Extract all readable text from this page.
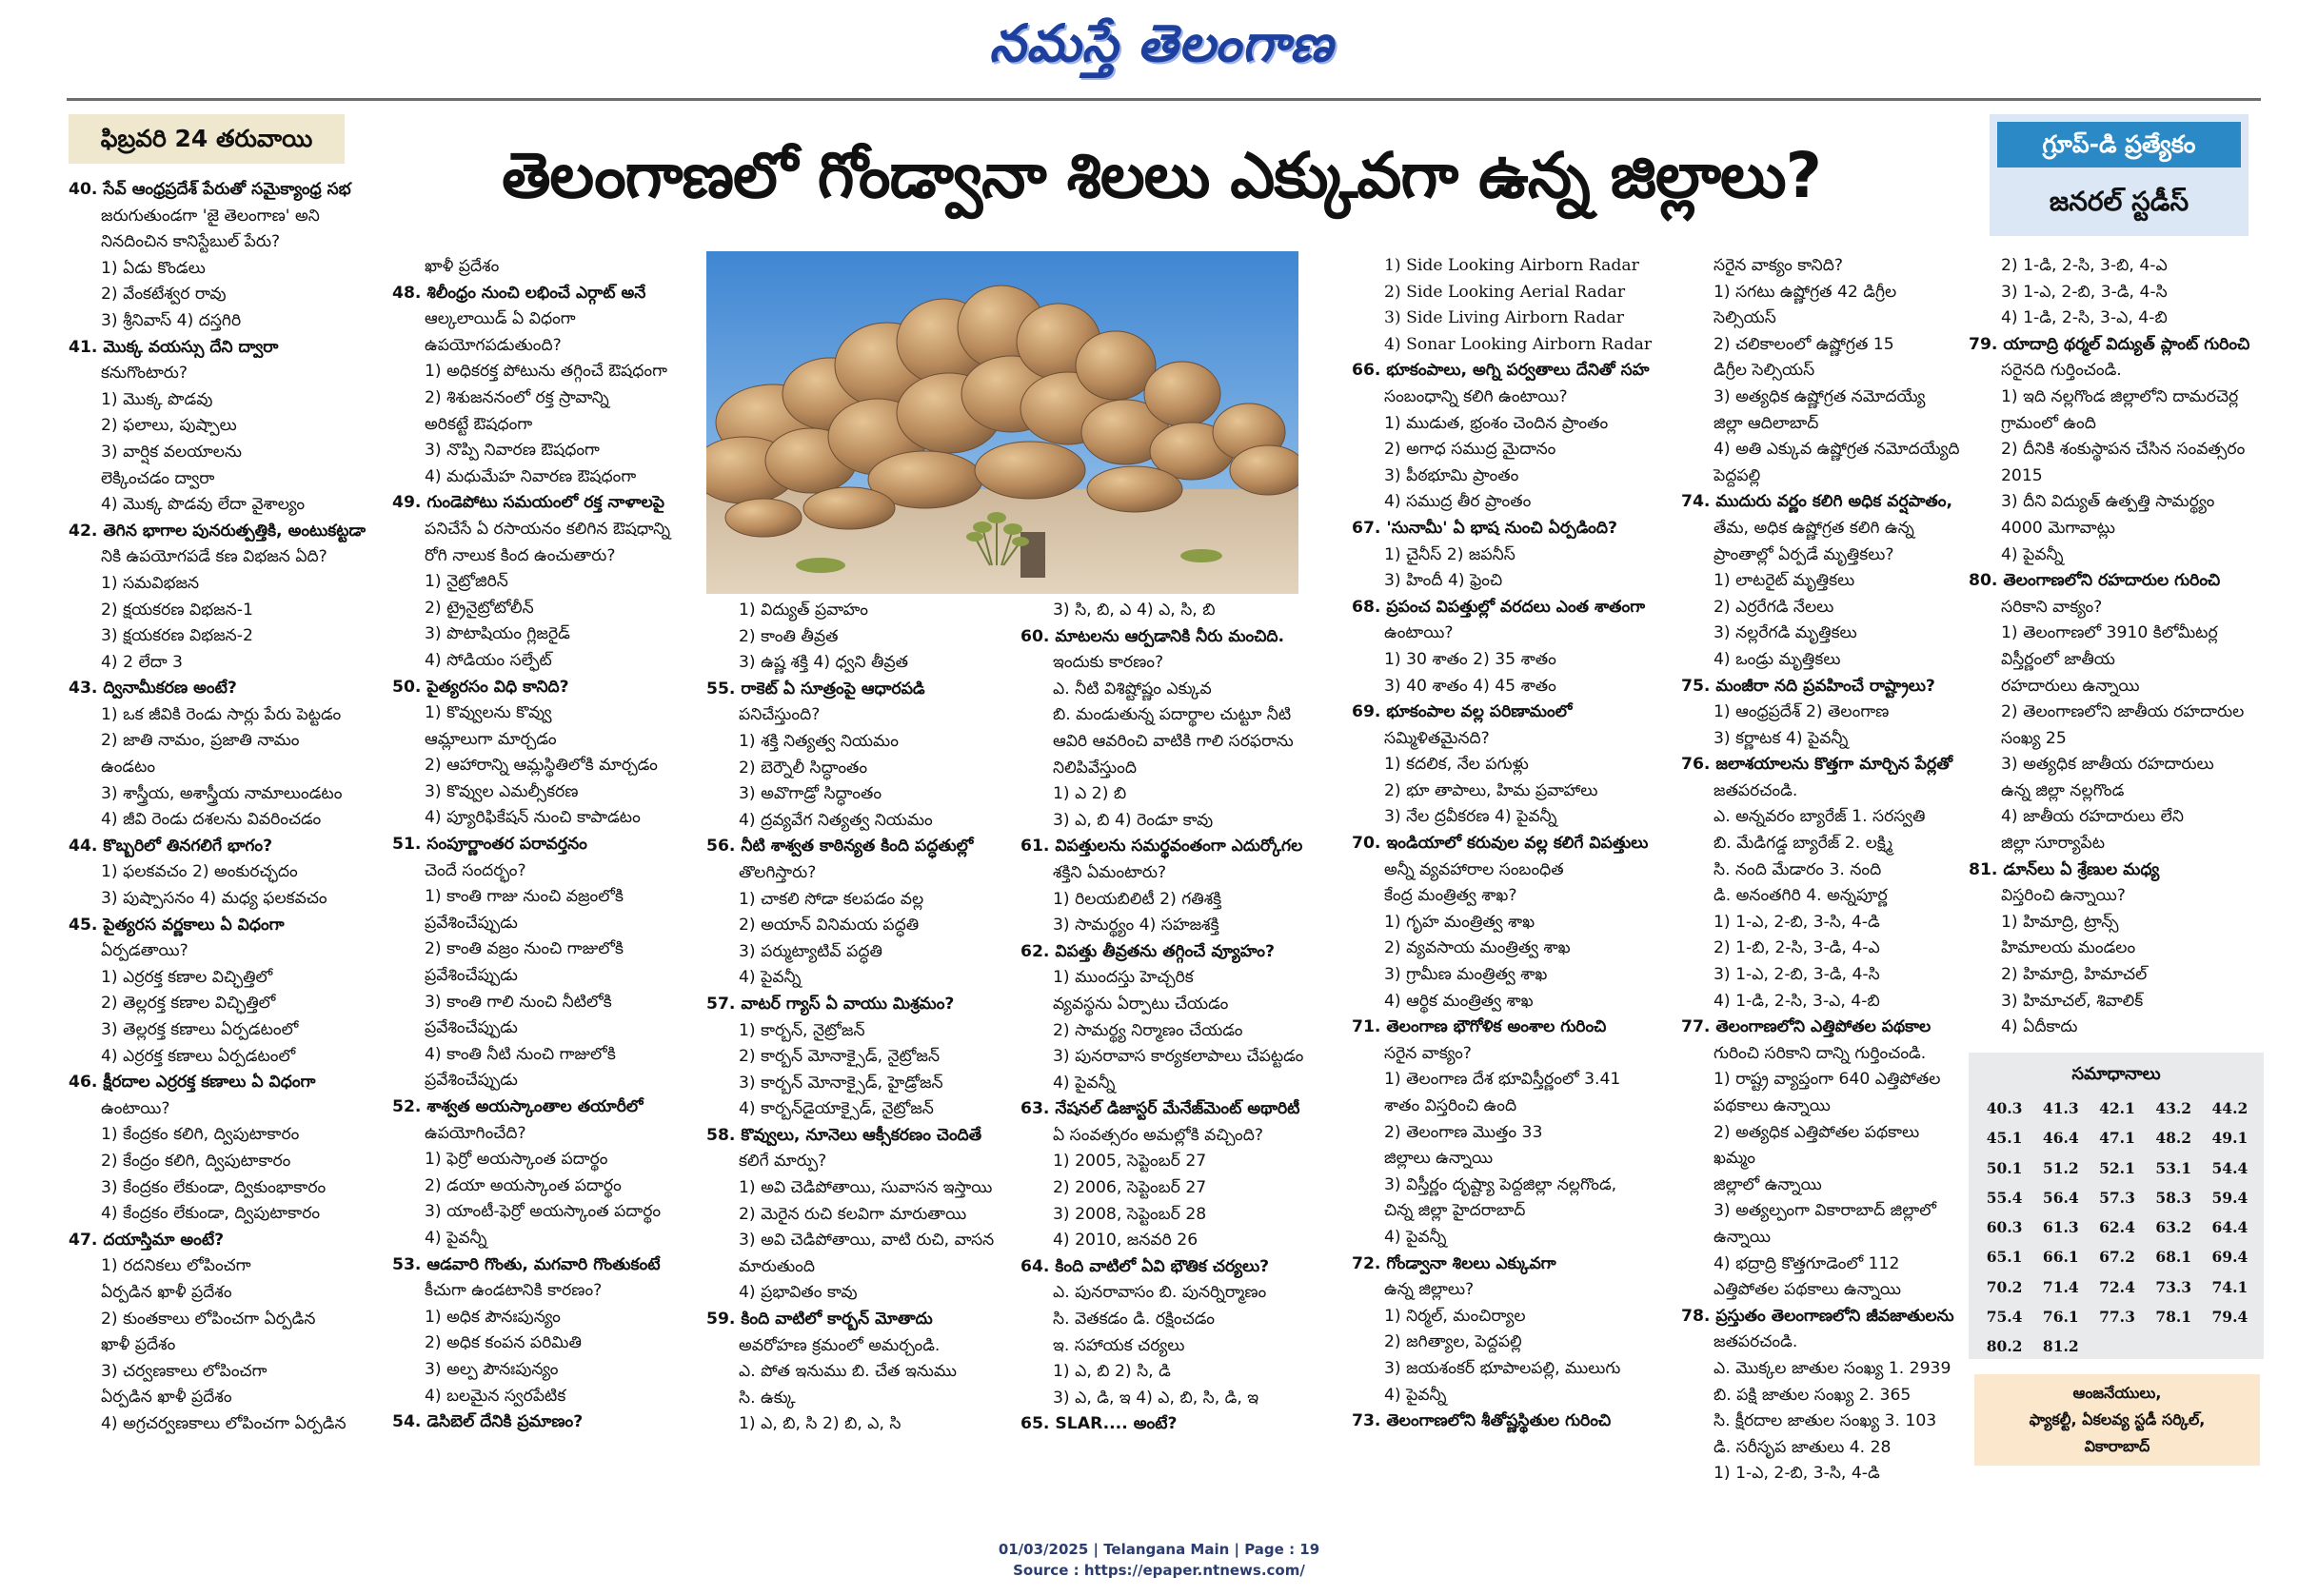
నమస్తే తెలంగాణ
ఫిబ్రవరి 24 తరువాయి
తెలంగాణలో గోండ్వానా శిలలు ఎక్కువగా ఉన్న జిల్లాలు?	గ్రూప్-డి ప్రత్యేకం
జనరల్ స్టడీస్
40. సేవ్ ఆంధ్రప్రదేశ్ పేరుతో సమైక్యాంధ్ర సభ
జరుగుతుండగా 'జై తెలంగాణ' అని
నినదించిన కానిస్టేబుల్ పేరు?
1) ఏడు కొండలు
2) వేంకటేశ్వర రావు
3) శ్రీనివాస్ 4) దస్తగిరి
41. మొక్క వయస్సు దేని ద్వారా
కనుగొంటారు?
1) మొక్క పొడవు
2) ఫలాలు, పుష్పాలు
3) వార్షిక వలయాలను
లెక్కించడం ద్వారా
4) మొక్క పొడవు లేదా వైశాల్యం
42. తెగిన భాగాల పునరుత్పత్తికి, అంటుకట్టడా
నికి ఉపయోగపడే కణ విభజన ఏది?
1) సమవిభజన
2) క్షయకరణ విభజన-1
3) క్షయకరణ విభజన-2
4) 2 లేదా 3
43. ద్వినామీకరణ అంటే?
1) ఒక జీవికి రెండు సార్లు పేరు పెట్టడం
2) జాతి నామం, ప్రజాతి నామం
ఉండటం
3) శాస్త్రీయ, అశాస్త్రీయ నామాలుండటం
4) జీవి రెండు దశలను వివరించడం
44. కొబ్బరిలో తినగలిగే భాగం?
1) ఫలకవచం 2) అంకురచ్ఛదం
3) పుష్పాసనం 4) మధ్య ఫలకవచం
45. పైత్యరస వర్ణకాలు ఏ విధంగా
ఏర్పడతాయి?
1) ఎర్రరక్త కణాల విచ్ఛిత్తిలో
2) తెల్లరక్త కణాల విచ్ఛిత్తిలో
3) తెల్లరక్త కణాలు ఏర్పడటంలో
4) ఎర్రరక్త కణాలు ఏర్పడటంలో
46. క్షీరదాల ఎర్రరక్త కణాలు ఏ విధంగా
ఉంటాయి?
1) కేంద్రకం కలిగి, ద్విపుటాకారం
2) కేంద్రం కలిగి, ద్విపుటాకారం
3) కేంద్రకం లేకుండా, ద్వికుంభాకారం
4) కేంద్రకం లేకుండా, ద్విపుటాకారం
47. దయాస్తిమా అంటే?
1) రదనికలు లోపించగా
ఏర్పడిన ఖాళీ ప్రదేశం
2) కుంతకాలు లోపించగా ఏర్పడిన
ఖాళీ ప్రదేశం
3) చర్వణకాలు లోపించగా
ఏర్పడిన ఖాళీ ప్రదేశం
4) అగ్రచర్వణకాలు లోపించగా ఏర్పడిన
ఖాళీ ప్రదేశం
48. శిలీంధ్రం నుంచి లభించే ఎర్గాట్ అనే
ఆల్కలాయిడ్ ఏ విధంగా
ఉపయోగపడుతుంది?
1) అధికరక్త పోటును తగ్గించే ఔషధంగా
2) శిశుజననంలో రక్త స్రావాన్ని
అరికట్టే ఔషధంగా
3) నొప్పి నివారణ ఔషధంగా
4) మధుమేహ నివారణ ఔషధంగా
49. గుండెపోటు సమయంలో రక్త నాళాలపై
పనిచేసే ఏ రసాయనం కలిగిన ఔషధాన్ని
రోగి నాలుక కింద ఉంచుతారు?
1) నైట్రోజిరిన్
2) ట్రైనైట్రోటోలీన్
3) పొటాషియం గ్లిజరైడ్
4) సోడియం సల్ఫేట్
50. పైత్యరసం విధి కానిది?
1) కొవ్వులను కొవ్వు
ఆమ్లాలుగా మార్చడం
2) ఆహారాన్ని ఆమ్లస్థితిలోకి మార్చడం
3) కొవ్వుల ఎమల్సీకరణ
4) ప్యూరిఫికేషన్ నుంచి కాపాడటం
51. సంపూర్ణాంతర పరావర్తనం
చెందే సందర్భం?
1) కాంతి గాజు నుంచి వజ్రంలోకి
ప్రవేశించేప్పుడు
2) కాంతి వజ్రం నుంచి గాజులోకి
ప్రవేశించేప్పుడు
3) కాంతి గాలి నుంచి నీటిలోకి
ప్రవేశించేప్పుడు
4) కాంతి నీటి నుంచి గాజులోకి
ప్రవేశించేప్పుడు
52. శాశ్వత అయస్కాంతాల తయారీలో
ఉపయోగించేది?
1) ఫెర్రో అయస్కాంత పదార్థం
2) డయా అయస్కాంత పదార్థం
3) యాంటీ-ఫెర్రో అయస్కాంత పదార్థం
4) పైవన్నీ
53. ఆడవారి గొంతు, మగవారి గొంతుకంటే
కీచుగా ఉండటానికి కారణం?
1) అధిక పౌనఃపున్యం
2) అధిక కంపన పరిమితి
3) అల్ప పౌనఃపున్యం
4) బలమైన స్వరపేటిక
54. డెసిబెల్ దేనికి ప్రమాణం?
1) విద్యుత్ ప్రవాహం
2) కాంతి తీవ్రత
3) ఉష్ణ శక్తి 4) ధ్వని తీవ్రత
55. రాకెట్ ఏ సూత్రంపై ఆధారపడి
పనిచేస్తుంది?
1) శక్తి నిత్యత్వ నియమం
2) బెర్నౌలీ సిద్ధాంతం
3) అవొగాడ్రో సిద్ధాంతం
4) ద్రవ్యవేగ నిత్యత్వ నియమం
56. నీటి శాశ్వత కాఠిన్యత కింది పద్ధతుల్లో
తొలగిస్తారు?
1) చాకలి సోడా కలపడం వల్ల
2) అయాన్ వినిమయ పద్ధతి
3) పర్ముట్యాటివ్ పద్ధతి
4) పైవన్నీ
57. వాటర్ గ్యాస్ ఏ వాయు మిశ్రమం?
1) కార్బన్, నైట్రోజన్
2) కార్బన్ మోనాక్సైడ్, నైట్రోజన్
3) కార్బన్ మోనాక్సైడ్, హైడ్రోజన్
4) కార్బన్‌డైయాక్సైడ్, నైట్రోజన్
58. కొవ్వులు, నూనెలు ఆక్సీకరణం చెందితే
కలిగే మార్పు?
1) అవి చెడిపోతాయి, సువాసన ఇస్తాయి
2) మెరైన రుచి కలవిగా మారుతాయి
3) అవి చెడిపోతాయి, వాటి రుచి, వాసన
మారుతుంది
4) ప్రభావితం కావు
59. కింది వాటిలో కార్బన్ మోతాదు
అవరోహణ క్రమంలో అమర్చండి.
ఎ. పోత ఇనుము బి. చేత ఇనుము
సి. ఉక్కు
1) ఎ, బి, సి 2) బి, ఎ, సి
3) సి, బి, ఎ 4) ఎ, సి, బి
60. మాటలను ఆర్పడానికి నీరు మంచిది.
ఇందుకు కారణం?
ఎ. నీటి విశిష్టోష్ణం ఎక్కువ
బి. మండుతున్న పదార్థాల చుట్టూ నీటి
ఆవిరి ఆవరించి వాటికి గాలి సరఫరాను
నిలిపివేస్తుంది
1) ఎ 2) బి
3) ఎ, బి 4) రెండూ కావు
61. విపత్తులను సమర్థవంతంగా ఎదుర్కోగల
శక్తిని ఏమంటారు?
1) రిలయబిలిటీ 2) గతిశక్తి
3) సామర్థ్యం 4) సహజశక్తి
62. విపత్తు తీవ్రతను తగ్గించే వ్యూహం?
1) ముందస్తు హెచ్చరిక
వ్యవస్థను ఏర్పాటు చేయడం
2) సామర్థ్య నిర్మాణం చేయడం
3) పునరావాస కార్యకలాపాలు చేపట్టడం
4) పైవన్నీ
63. నేషనల్ డిజాస్టర్ మేనేజ్‌మెంట్ అథారిటీ
ఏ సంవత్సరం అమల్లోకి వచ్చింది?
1) 2005, సెప్టెంబర్ 27
2) 2006, సెప్టెంబర్ 27
3) 2008, సెప్టెంబర్ 28
4) 2010, జనవరి 26
64. కింది వాటిలో ఏవి భౌతిక చర్యలు?
ఎ. పునరావాసం బి. పునర్నిర్మాణం
సి. వెతకడం డి. రక్షించడం
ఇ. సహాయక చర్యలు
1) ఎ, బి 2) సి, డి
3) ఎ, డి, ఇ 4) ఎ, బి, సి, డి, ఇ
65. SLAR.... అంటే?
1) Side Looking Airborn Radar
2) Side Looking Aerial Radar
3) Side Living Airborn Radar
4) Sonar Looking Airborn Radar
66. భూకంపాలు, అగ్ని పర్వతాలు దేనితో సహ
సంబంధాన్ని కలిగి ఉంటాయి?
1) ముడుత, భ్రంశం చెందిన ప్రాంతం
2) అగాధ సముద్ర మైదానం
3) పీఠభూమి ప్రాంతం
4) సముద్ర తీర ప్రాంతం
67. 'సునామీ' ఏ భాష నుంచి ఏర్పడింది?
1) చైనీస్ 2) జపనీస్
3) హిందీ 4) ఫ్రెంచి
68. ప్రపంచ విపత్తుల్లో వరదలు ఎంత శాతంగా
ఉంటాయి?
1) 30 శాతం 2) 35 శాతం
3) 40 శాతం 4) 45 శాతం
69. భూకంపాల వల్ల పరిణామంలో
సమ్మిళితమైనది?
1) కదలిక, నేల పగుళ్లు
2) భూ తాపాలు, హిమ ప్రవాహాలు
3) నేల ద్రవీకరణ 4) పైవన్నీ
70. ఇండియాలో కరువుల వల్ల కలిగే విపత్తులు
అన్నీ వ్యవహారాల సంబంధిత
కేంద్ర మంత్రిత్వ శాఖ?
1) గృహ మంత్రిత్వ శాఖ
2) వ్యవసాయ మంత్రిత్వ శాఖ
3) గ్రామీణ మంత్రిత్వ శాఖ
4) ఆర్థిక మంత్రిత్వ శాఖ
71. తెలంగాణ భౌగోళిక అంశాల గురించి
సరైన వాక్యం?
1) తెలంగాణ దేశ భూవిస్తీర్ణంలో 3.41
శాతం విస్తరించి ఉంది
2) తెలంగాణ మొత్తం 33
జిల్లాలు ఉన్నాయి
3) విస్తీర్ణం దృష్ట్యా పెద్దజిల్లా నల్లగొండ,
చిన్న జిల్లా హైదరాబాద్
4) పైవన్నీ
72. గోండ్వానా శిలలు ఎక్కువగా
ఉన్న జిల్లాలు?
1) నిర్మల్, మంచిర్యాల
2) జగిత్యాల, పెద్దపల్లి
3) జయశంకర్ భూపాలపల్లి, ములుగు
4) పైవన్నీ
73. తెలంగాణలోని శీతోష్ణస్థితుల గురించి
సరైన వాక్యం కానిది?
1) సగటు ఉష్ణోగ్రత 42 డిగ్రీల సెల్సియస్
2) చలికాలంలో ఉష్ణోగ్రత 15
డిగ్రీల సెల్సియస్
3) అత్యధిక ఉష్ణోగ్రత నమోదయ్యే
జిల్లా ఆదిలాబాద్
4) అతి ఎక్కువ ఉష్ణోగ్రత నమోదయ్యేది
పెద్దపల్లి
74. ముదురు వర్ణం కలిగి అధిక వర్షపాతం,
తేమ, అధిక ఉష్ణోగ్రత కలిగి ఉన్న
ప్రాంతాల్లో ఏర్పడే మృత్తికలు?
1) లాటరైట్ మృత్తికలు
2) ఎర్రరేగడి నేలలు
3) నల్లరేగడి మృత్తికలు
4) ఒండ్రు మృత్తికలు
75. మంజీరా నది ప్రవహించే రాష్ట్రాలు?
1) ఆంధ్రప్రదేశ్ 2) తెలంగాణ
3) కర్ణాటక 4) పైవన్నీ
76. జలాశయాలను కొత్తగా మార్చిన పేర్లతో
జతపరచండి.
ఎ. అన్నవరం బ్యారేజ్ 1. సరస్వతి
బి. మేడిగడ్డ బ్యారేజ్ 2. లక్ష్మి
సి. నంది మేడారం 3. నంది
డి. అనంతగిరి 4. అన్నపూర్ణ
1) 1-ఎ, 2-బి, 3-సి, 4-డి
2) 1-బి, 2-సి, 3-డి, 4-ఎ
3) 1-ఎ, 2-బి, 3-డి, 4-సి
4) 1-డి, 2-సి, 3-ఎ, 4-బి
77. తెలంగాణలోని ఎత్తిపోతల పథకాల
గురించి సరికాని దాన్ని గుర్తించండి.
1) రాష్ట్ర వ్యాప్తంగా 640 ఎత్తిపోతల
పథకాలు ఉన్నాయి
2) అత్యధిక ఎత్తిపోతల పథకాలు ఖమ్మం
జిల్లాలో ఉన్నాయి
3) అత్యల్పంగా వికారాబాద్ జిల్లాలో
ఉన్నాయి
4) భద్రాద్రి కొత్తగూడెంలో 112
ఎత్తిపోతల పథకాలు ఉన్నాయి
78. ప్రస్తుతం తెలంగాణలోని జీవజాతులను
జతపరచండి.
ఎ. మొక్కల జాతుల సంఖ్య 1. 2939
బి. పక్షి జాతుల సంఖ్య 2. 365
సి. క్షీరదాల జాతుల సంఖ్య 3. 103
డి. సరీసృప జాతులు 4. 28
1) 1-ఎ, 2-బి, 3-సి, 4-డి
2) 1-డి, 2-సి, 3-బి, 4-ఎ
3) 1-ఎ, 2-బి, 3-డి, 4-సి
4) 1-డి, 2-సి, 3-ఎ, 4-బి
79. యాదాద్రి థర్మల్ విద్యుత్ ప్లాంట్ గురించి
సరైనది గుర్తించండి.
1) ఇది నల్లగొండ జిల్లాలోని దామరచెర్ల
గ్రామంలో ఉంది
2) దీనికి శంకుస్థాపన చేసిన సంవత్సరం
2015
3) దీని విద్యుత్ ఉత్పత్తి సామర్థ్యం
4000 మెగావాట్లు
4) పైవన్నీ
80. తెలంగాణలోని రహదారుల గురించి
సరికాని వాక్యం?
1) తెలంగాణలో 3910 కిలోమీటర్ల
విస్తీర్ణంలో జాతీయ
రహదారులు ఉన్నాయి
2) తెలంగాణలోని జాతీయ రహదారుల
సంఖ్య 25
3) అత్యధిక జాతీయ రహదారులు
ఉన్న జిల్లా నల్లగొండ
4) జాతీయ రహదారులు లేని
జిల్లా సూర్యాపేట
81. డూన్‌లు ఏ శ్రేణుల మధ్య
విస్తరించి ఉన్నాయి?
1) హిమాద్రి, ట్రాన్స్
హిమాలయ మండలం
2) హిమాద్రి, హిమాచల్
3) హిమాచల్, శివాలిక్
4) ఏదీకాదు
సమాధానాలు
40.3	41.3	42.1	43.2	44.2
45.1	46.4	47.1	48.2	49.1
50.1	51.2	52.1	53.1	54.4
55.4	56.4	57.3	58.3	59.4
60.3	61.3	62.4	63.2	64.4
65.1	66.1	67.2	68.1	69.4
70.2	71.4	72.4	73.3	74.1
75.4	76.1	77.3	78.1	79.4
80.2	81.2
ఆంజనేయులు,
ఫ్యాకల్టీ, ఏకలవ్య స్టడీ సర్కిల్,
వికారాబాద్
01/03/2025 | Telangana Main | Page : 19
Source : https://epaper.ntnews.com/
